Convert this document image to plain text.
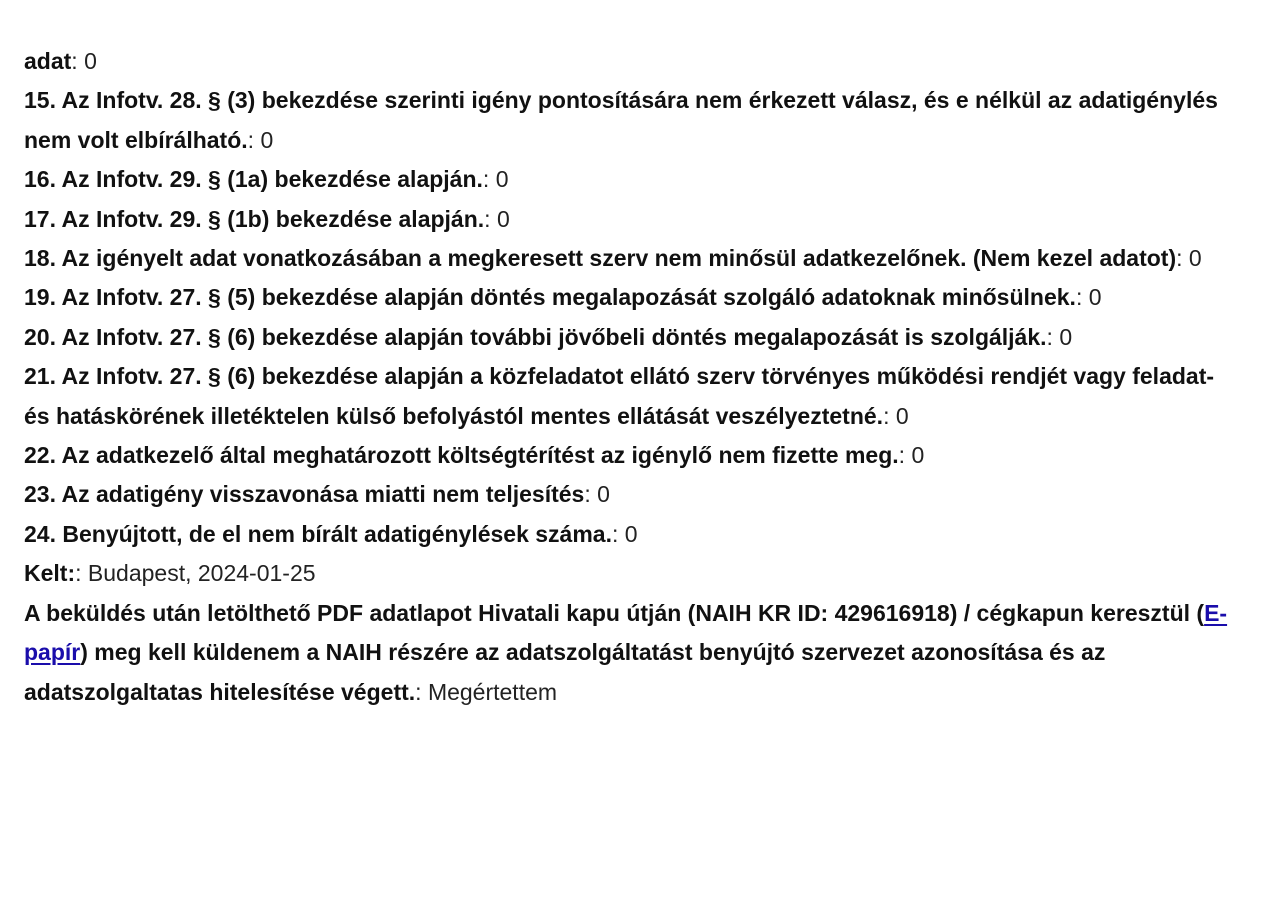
adat: 0

15. Az Infotv. 28. § (3) bekezdése szerinti igény pontosítására nem érkezett válasz, és e nélkül az adatigénylés nem volt elbírálható.: 0

16. Az Infotv. 29. § (1a) bekezdése alapján.: 0

17. Az Infotv. 29. § (1b) bekezdése alapján.: 0

18. Az igényelt adat vonatkozásában a megkeresett szerv nem minősül adatkezelőnek. (Nem kezel adatot): 0

19. Az Infotv. 27. § (5) bekezdése alapján döntés megalapozását szolgáló adatoknak minősülnek.: 0

20. Az Infotv. 27. § (6) bekezdése alapján további jövőbeli döntés megalapozását is szolgálják.: 0

21. Az Infotv. 27. § (6) bekezdése alapján a közfeladatot ellátó szerv törvényes működési rendjét vagy feladat- és hatáskörének illetéktelen külső befolyástól mentes ellátását veszélyeztetné.: 0

22. Az adatkezelő által meghatározott költségtérítést az igénylő nem fizette meg.: 0

23. Az adatigény visszavonása miatti nem teljesítés: 0

24. Benyújtott, de el nem bírált adatigénylések száma.: 0

Kelt:: Budapest, 2024-01-25

A beküldés után letölthető PDF adatlapot Hivatali kapu útján (NAIH KR ID: 429616918) / cégkapun keresztül (E-papír) meg kell küldenem a NAIH részére az adatszolgáltatást benyújtó szervezet azonosítása és az adatszolgaltatas hitelesítése végett.: Megértettem
